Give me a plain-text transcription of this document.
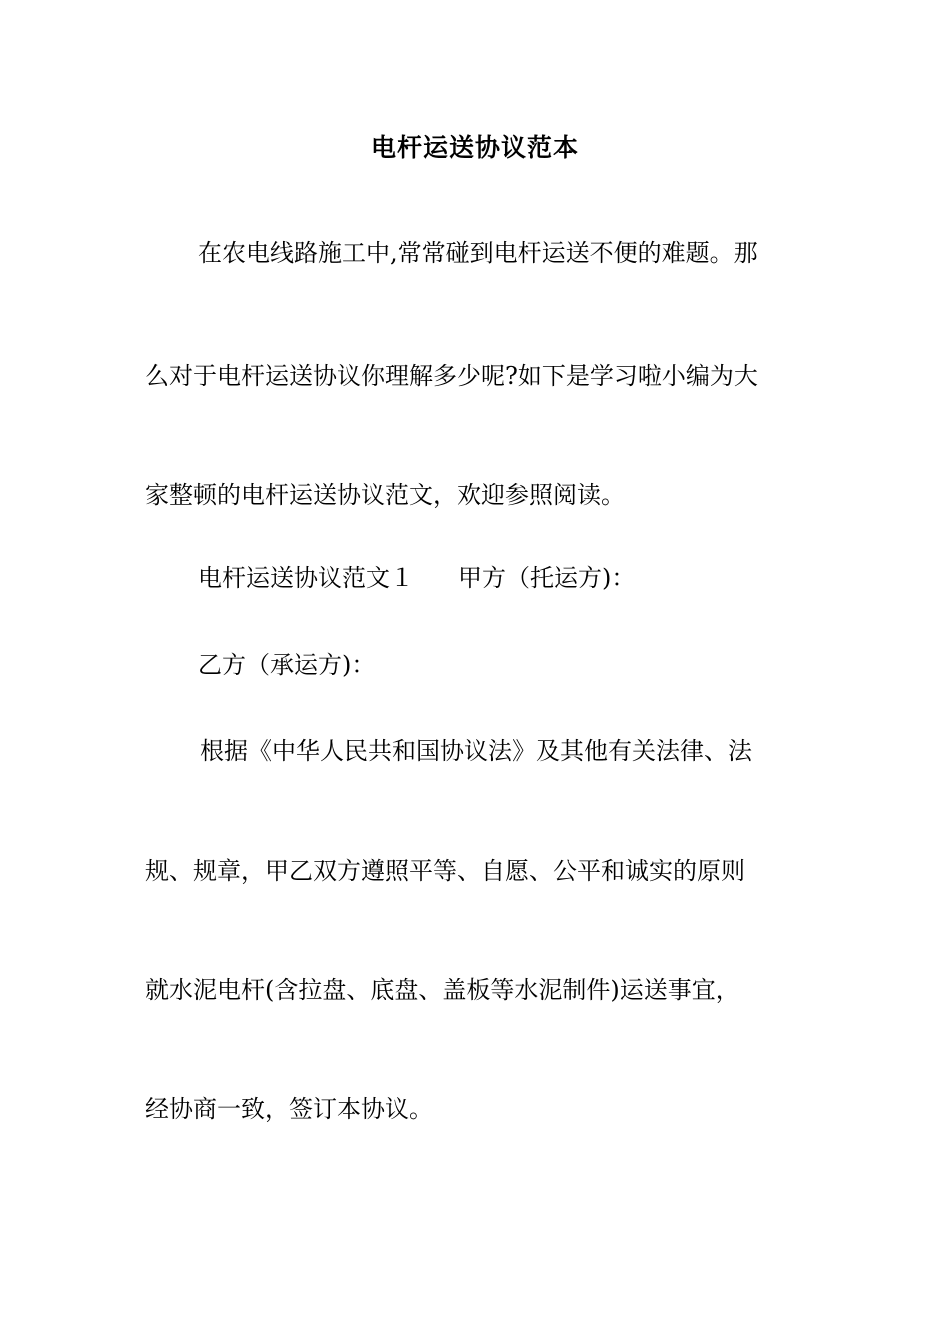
电杆运送协议范本
在农电线路施工中,常常碰到电杆运送不便的难题。那
么对于电杆运送协议你理解多少呢?如下是学习啦小编为大
家整顿的电杆运送协议范文，欢迎参照阅读。
电杆运送协议范文１ 甲方（托运方)：
乙方（承运方)：
根据《中华人民共和国协议法》及其他有关法律、法
规、规章，甲乙双方遵照平等、自愿、公平和诚实的原则
就水泥电杆(含拉盘、底盘、盖板等水泥制件)运送事宜，
经协商一致，签订本协议。
